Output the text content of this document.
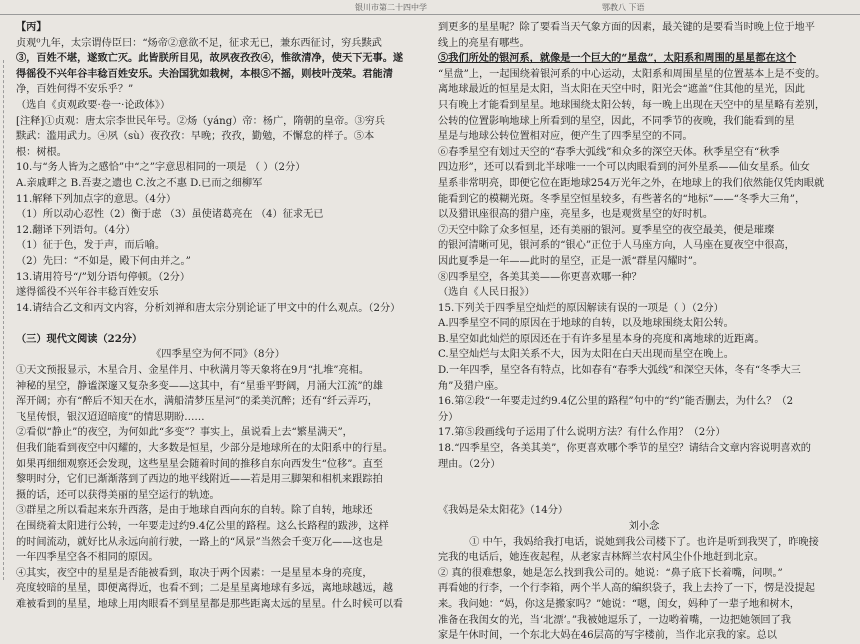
银川市第二十四中学	鄂教八 下语
【丙】
贞观⁰九年，太宗谓侍臣曰：“炀帝②意欲不足，征求无已，兼东西征讨，穷兵黩武
③，百姓不堪，遂致亡灭。此皆朕所目见，故夙夜孜孜④，惟欲清净，使天下无事。遂
得徭役不兴年谷丰稔百姓安乐。夫治国犹如栽树，本根⑤不摇，则枝叶茂荣。君能清
净，百姓何得不安乐乎？”
（选自《贞观政要·卷一·论政体》）
[注释]①贞观：唐太宗李世民年号。②炀（yáng）帝：杨广，隋朝的皇帝。③穷兵
黩武：滥用武力。④夙（sù）夜孜孜：早晚；孜孜，勤勉，不懈怠的样子。⑤本
根：树根。
10.与“务人皆为之感恰”中“之”字意思相同的一项是 （ ）（2分）
A.亲戚畔之 B.吾妻之遗也 C.汝之不惠 D.已而之细柳军
11.解释下列加点字的意思。（4分）
（1）所以动心忍性（2）衡于虑 （3）虽使诸葛亮在 （4）征求无已
12.翻译下列语句。（4分）
（1）征于色，发于声，而后喻。
（2）先曰：“不如是，殿下何由并之。”
13.请用符号“/”划分语句停顿。（2分）
遂得徭役不兴年谷丰稔百姓安乐
14.请结合乙文和丙文内容，分析刘禅和唐太宗分别论证了甲文中的什么观点。（2分）
（三）现代文阅读（22分）
《四季星空为何不同》（8分）
①天文预报显示，木星合月、金星伴月、中秋满月等天象将在9月“扎堆”亮相。
神秘的星空，静谧深邃又复杂多变——这其中，有“星垂平野阔，月涌大江流”的雄
浑开阔；亦有“醉后不知天在水，满船清梦压星河”的柔美沉醉；还有“纤云弄巧，
飞星传恨，银汉迢迢暗度”的情思期盼……
②看似“静止”的夜空，为何如此“多变”？事实上，虽说看上去“繁星满天”，
但我们能看到夜空中闪耀的，大多数是恒星，少部分是地球所在的太阳系中的行星。
如果再细细观察还会发现，这些星星会随着时间的推移自东向西发生“位移”。直至
黎明时分，它们已渐渐落到了西边的地平线附近——若是用三脚架和相机来跟踪拍
摄的话，还可以获得美丽的星空运行的轨迹。
③群星之所以看起来东升西落，是由于地球自西向东的自转。除了自转，地球还
在围绕着太阳进行公转，一年要走过约9.4亿公里的路程。这么长路程的跋涉，这样
的时间流动，就好比从永远向前行驶，一路上的“风景”当然会千变万化——这也是
一年四季星空各不相同的原因。
④其实，夜空中的星星是否能被看到，取决于两个因素：一是星星本身的亮度，
亮度较暗的星星，即便离得近，也看不到；二是星星离地球有多远，离地球越远，越
难被看到的星星，地球上用肉眼看不到星星都是那些距离太远的星星。什么时候可以看
到更多的星星呢？除了要看当天气象方面的因素，最关键的是要看当时晚上位于地平
线上的亮星有哪些。
⑤我们所处的银河系，就像是一个巨大的“星盘”，太阳系和周围的星星都在这个
“星盘”上，一起围绕着银河系的中心运动，太阳系和周围星星的位置基本上是不变的。
离地球最近的恒星是太阳，当太阳在天空中时，阳光会“遮盖”住其他的星光，因此
只有晚上才能看到星星。地球围绕太阳公转，每一晚上出现在天空中的星星略有差别，
公转的位置影响地球上所看到的星空，因此，不同季节的夜晚，我们能看到的星
星是与地球公转位置相对应，便产生了四季星空的不同。
⑥春季星空有划过天空的“春季大弧线”和众多的深空天体。秋季星空有“秋季
四边形”，还可以看到北半球唯一一个可以肉眼看到的河外星系——仙女星系。仙女
星系非常明亮，即便它位在距地球254万光年之外，在地球上的我们依然能仅凭肉眼就
能看到它的模糊光斑。冬季星空恒星较多，有些著名的“地标”——“冬季大三角”，
以及猎讯座很高的猎户座，亮星多，也是观赏星空的好时机。
⑦天空中除了众多恒星，还有美丽的银河。夏季星空的夜空最美，便是璀璨
的银河清晰可见，银河系的“银心”正位于人马座方向，人马座在夏夜空中很高，
因此夏季是一年——此时的星空，正是一派“群星闪耀时”。
⑧四季星空，各美其美——你更喜欢哪一种？
（选自《人民日报》）
15.下列关于四季星空灿烂的原因解读有误的一项是（ ）（2分）
A.四季星空不同的原因在于地球的自转，以及地球围绕太阳公转。
B.星空如此灿烂的原因还在于有许多星星本身的亮度和离地球的近距离。
C.星空灿烂与太阳关系不大，因为太阳在白天出现而星空在晚上。
D.一年四季，星空各有特点，比如春有“春季大弧线”和深空天体，冬有“冬季大三
角”及猎户座。
16.第②段“一年要走过约9.4亿公里的路程”句中的“约”能否删去，为什么？（2
分）
17.第⑤段画线句子运用了什么说明方法？有什么作用？（2分）
18.“四季星空，各美其美”，你更喜欢哪个季节的星空？请结合文章内容说明喜欢的
理由。（2分）
《我妈是朵太阳花》（14分）
刘小念
① 中午，我妈给我打电话，说她到我公司楼下了。也许是听到我哭了，昨晚接
完我的电话后，她连夜起程，从老家吉林辉兰农村风尘仆仆地赶到北京。
② 真的很难想象，她是怎么找到我公司的。她说：“鼻子底下长着嘴，问呗。”
再看她的行李，一个行李箱，两个半人高的编织袋子，我上去拎了一下，愣是没提起
来。我问她：“妈，你这是搬家吗？”她说：“嗯，闺女，妈种了一辈子地和树木，
准备在我闺女的光，当‘北漂’。”我被她逗乐了，一边哟着嘴，一边把她领回了我
家是午休时间，一个东北大妈在46层高的写字楼前，当作北京我的家。总以
